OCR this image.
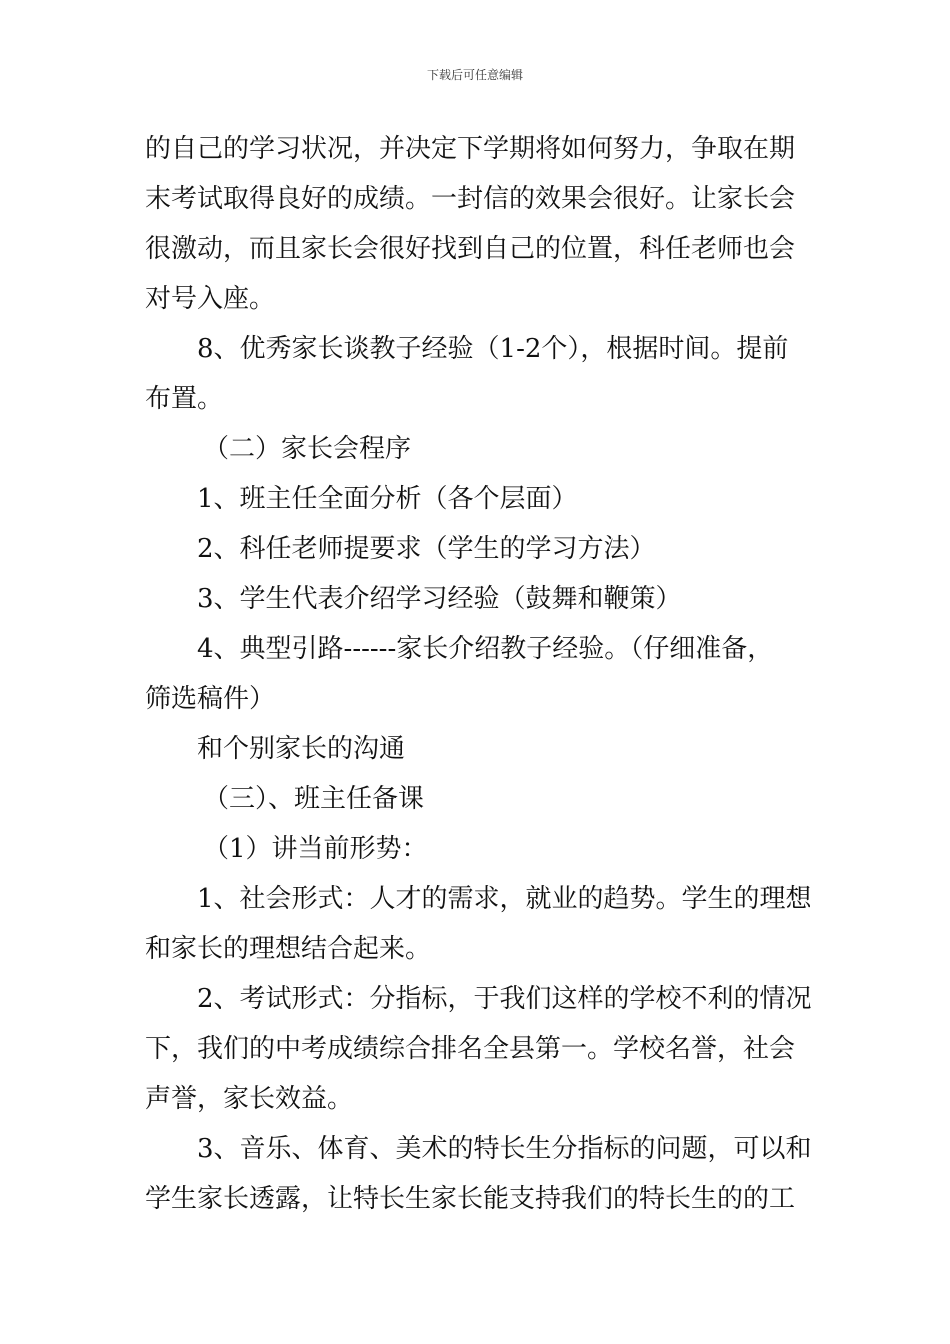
下载后可任意编辑
的自己的学习状况，并决定下学期将如何努力，争取在期
末考试取得良好的成绩。一封信的效果会很好。让家长会
很激动，而且家长会很好找到自己的位置，科任老师也会
对号入座。
8、优秀家长谈教子经验（1-2个），根据时间。提前
布置。
（二）家长会程序
1、班主任全面分析（各个层面）
2、科任老师提要求（学生的学习方法）
3、学生代表介绍学习经验（鼓舞和鞭策）
4、典型引路------家长介绍教子经验。（仔细准备，
筛选稿件）
和个别家长的沟通
（三）、班主任备课
（1）讲当前形势：
1、社会形式：人才的需求，就业的趋势。学生的理想
和家长的理想结合起来。
2、考试形式：分指标，于我们这样的学校不利的情况
下，我们的中考成绩综合排名全县第一。学校名誉，社会
声誉，家长效益。
3、音乐、体育、美术的特长生分指标的问题，可以和
学生家长透露，让特长生家长能支持我们的特长生的的工
